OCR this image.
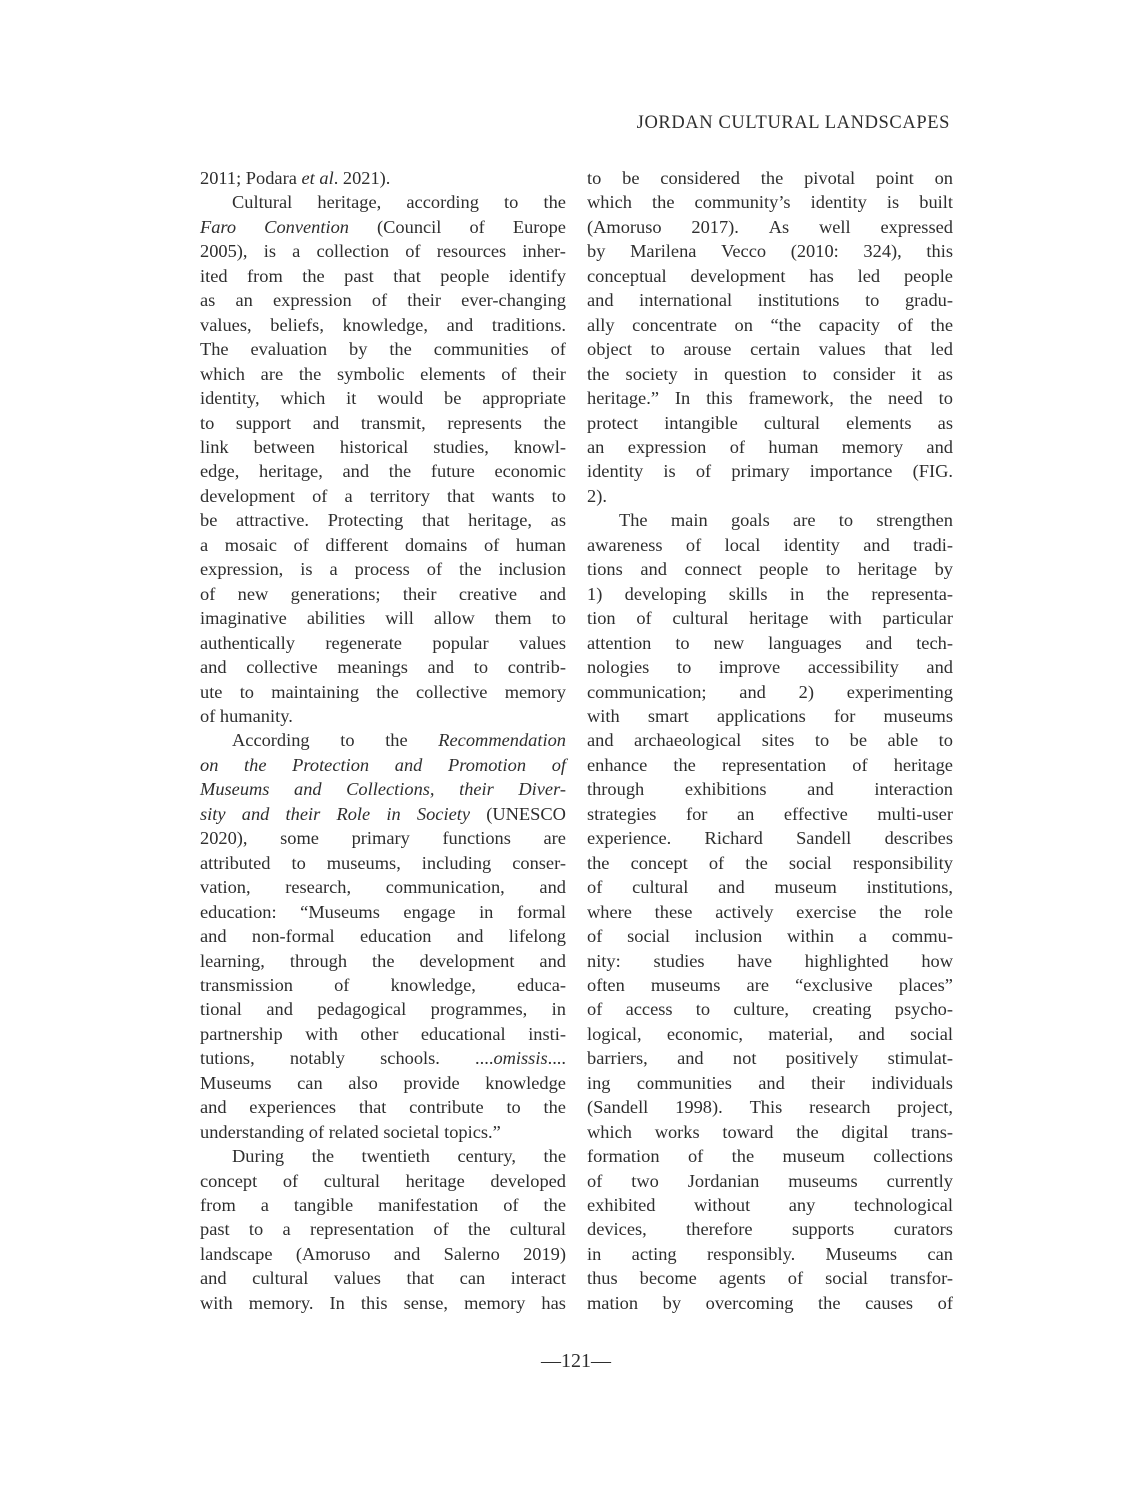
JORDAN CULTURAL LANDSCAPES
2011; Podara et al. 2021).
Cultural heritage, according to the
Faro Convention (Council of Europe
2005), is a collection of resources inher-
ited from the past that people identify
as an expression of their ever-changing
values, beliefs, knowledge, and traditions.
The evaluation by the communities of
which are the symbolic elements of their
identity, which it would be appropriate
to support and transmit, represents the
link between historical studies, knowl-
edge, heritage, and the future economic
development of a territory that wants to
be attractive. Protecting that heritage, as
a mosaic of different domains of human
expression, is a process of the inclusion
of new generations; their creative and
imaginative abilities will allow them to
authentically regenerate popular values
and collective meanings and to contrib-
ute to maintaining the collective memory
of humanity.
According to the Recommendation
on the Protection and Promotion of
Museums and Collections, their Diver-
sity and their Role in Society (UNESCO
2020), some primary functions are
attributed to museums, including conser-
vation, research, communication, and
education: “Museums engage in formal
and non-formal education and lifelong
learning, through the development and
transmission of knowledge, educa-
tional and pedagogical programmes, in
partnership with other educational insti-
tutions, notably schools. ....omissis....
Museums can also provide knowledge
and experiences that contribute to the
understanding of related societal topics.”
During the twentieth century, the
concept of cultural heritage developed
from a tangible manifestation of the
past to a representation of the cultural
landscape (Amoruso and Salerno 2019)
and cultural values that can interact
with memory. In this sense, memory has
to be considered the pivotal point on
which the community’s identity is built
(Amoruso 2017). As well expressed
by Marilena Vecco (2010: 324), this
conceptual development has led people
and international institutions to gradu-
ally concentrate on “the capacity of the
object to arouse certain values that led
the society in question to consider it as
heritage.” In this framework, the need to
protect intangible cultural elements as
an expression of human memory and
identity is of primary importance (FIG.
2).
The main goals are to strengthen
awareness of local identity and tradi-
tions and connect people to heritage by
1) developing skills in the representa-
tion of cultural heritage with particular
attention to new languages and tech-
nologies to improve accessibility and
communication; and 2) experimenting
with smart applications for museums
and archaeological sites to be able to
enhance the representation of heritage
through exhibitions and interaction
strategies for an effective multi-user
experience. Richard Sandell describes
the concept of the social responsibility
of cultural and museum institutions,
where these actively exercise the role
of social inclusion within a commu-
nity: studies have highlighted how
often museums are “exclusive places”
of access to culture, creating psycho-
logical, economic, material, and social
barriers, and not positively stimulat-
ing communities and their individuals
(Sandell 1998). This research project,
which works toward the digital trans-
formation of the museum collections
of two Jordanian museums currently
exhibited without any technological
devices, therefore supports curators
in acting responsibly. Museums can
thus become agents of social transfor-
mation by overcoming the causes of
—121—
